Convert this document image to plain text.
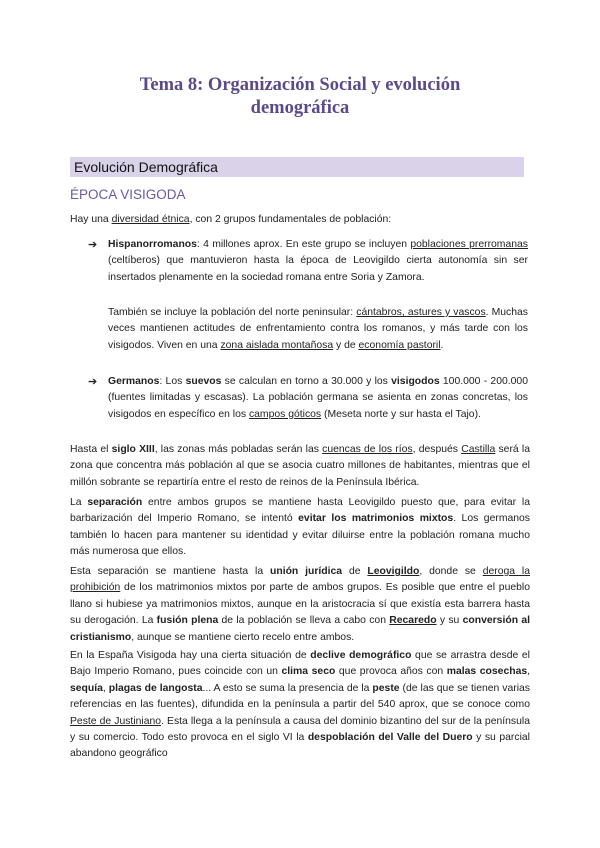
Tema 8: Organización Social y evolución
demográfica
Evolución Demográfica
ÉPOCA VISIGODA
Hay una diversidad étnica, con 2 grupos fundamentales de población:
➔ Hispanorromanos: 4 millones aprox. En este grupo se incluyen poblaciones prerromanas (celtíberos) que mantuvieron hasta la época de Leovigildo cierta autonomía sin ser insertados plenamente en la sociedad romana entre Soria y Zamora.
También se incluye la población del norte peninsular: cántabros, astures y vascos. Muchas veces mantienen actitudes de enfrentamiento contra los romanos, y más tarde con los visigodos. Viven en una zona aislada montañosa y de economía pastoril.
➔ Germanos: Los suevos se calculan en torno a 30.000 y los visigodos 100.000 - 200.000 (fuentes limitadas y escasas). La población germana se asienta en zonas concretas, los visigodos en específico en los campos góticos (Meseta norte y sur hasta el Tajo).
Hasta el siglo XIII, las zonas más pobladas serán las cuencas de los ríos, después Castilla será la zona que concentra más población al que se asocia cuatro millones de habitantes, mientras que el millón sobrante se repartiría entre el resto de reinos de la Península Ibérica.
La separación entre ambos grupos se mantiene hasta Leovigildo puesto que, para evitar la barbarización del Imperio Romano, se intentó evitar los matrimonios mixtos. Los germanos también lo hacen para mantener su identidad y evitar diluirse entre la población romana mucho más numerosa que ellos.
Esta separación se mantiene hasta la unión jurídica de Leovigildo, donde se deroga la prohibición de los matrimonios mixtos por parte de ambos grupos. Es posible que entre el pueblo llano si hubiese ya matrimonios mixtos, aunque en la aristocracia sí que existía esta barrera hasta su derogación. La fusión plena de la población se lleva a cabo con Recaredo y su conversión al cristianismo, aunque se mantiene cierto recelo entre ambos.
En la España Visigoda hay una cierta situación de declive demográfico que se arrastra desde el Bajo Imperio Romano, pues coincide con un clima seco que provoca años con malas cosechas, sequía, plagas de langosta... A esto se suma la presencia de la peste (de las que se tienen varias referencias en las fuentes), difundida en la península a partir del 540 aprox, que se conoce como Peste de Justiniano. Esta llega a la península a causa del dominio bizantino del sur de la península y su comercio. Todo esto provoca en el siglo VI la despoblación del Valle del Duero y su parcial abandono geográfico
